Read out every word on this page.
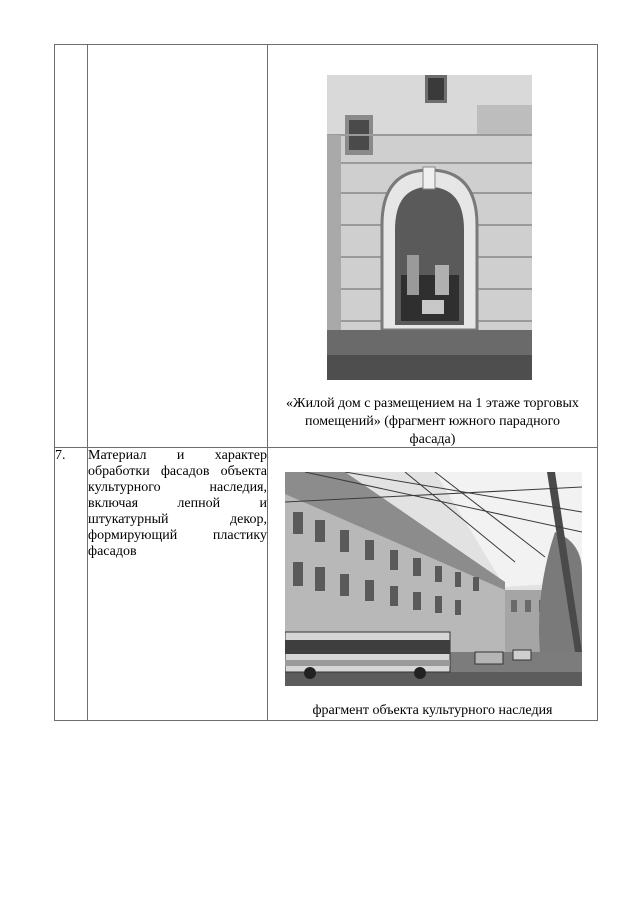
		«Жилой дом с размещением на 1 этаже торговых помещений» (фрагмент южного парадного фасада)

7.	Материал и характер обработки фасадов объекта культурного наследия, включая лепной и штукатурный декор, формирующий пластику фасадов	фрагмент объекта культурного наследия
